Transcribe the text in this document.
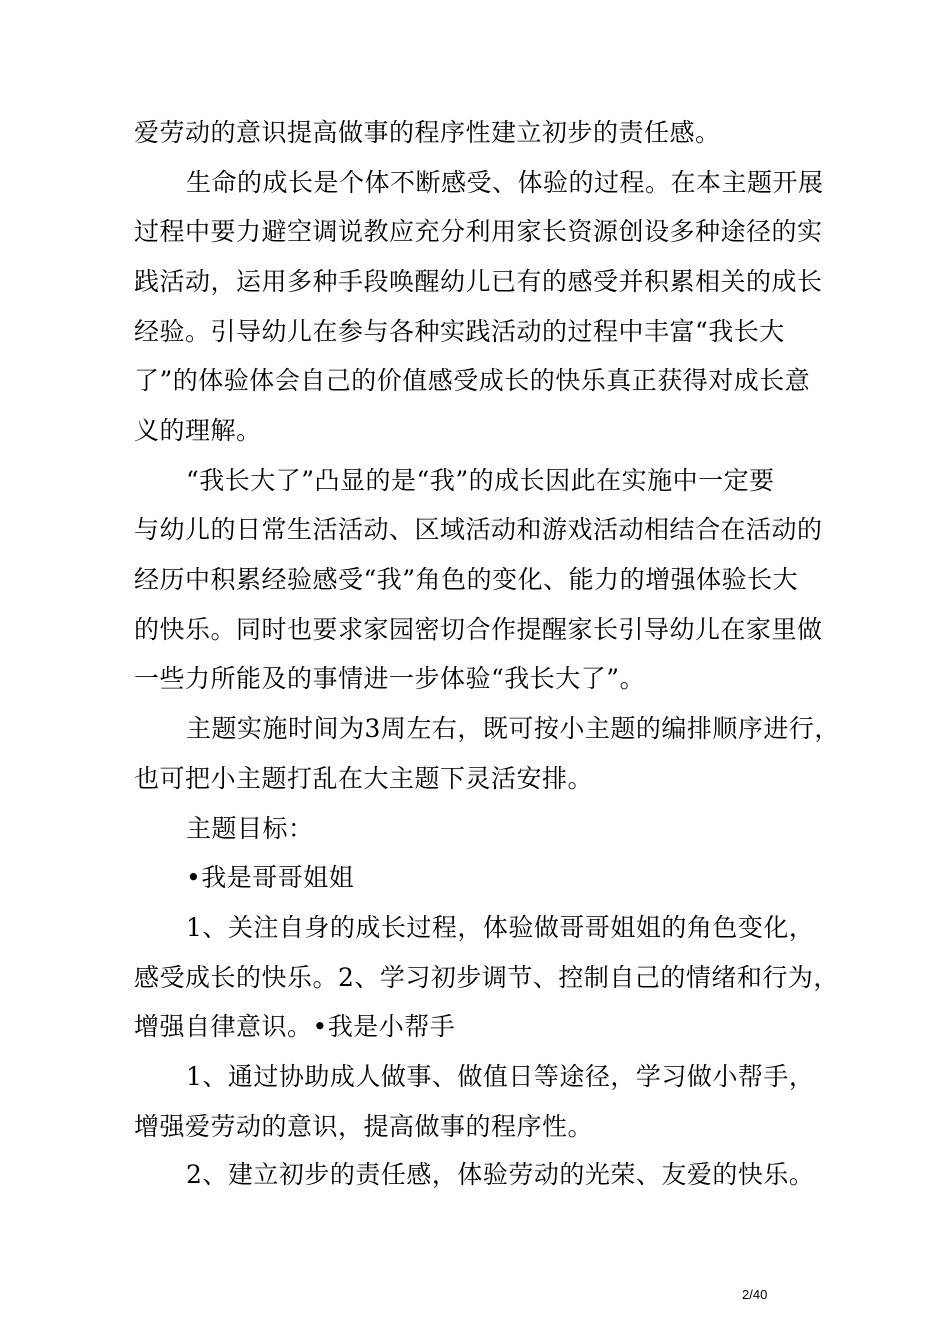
爱劳动的意识提高做事的程序性建立初步的责任感。
生命的成长是个体不断感受、体验的过程。在本主题开展
过程中要力避空调说教应充分利用家长资源创设多种途径的实
践活动，运用多种手段唤醒幼儿已有的感受并积累相关的成长
经验。引导幼儿在参与各种实践活动的过程中丰富“我长大
了”的体验体会自己的价值感受成长的快乐真正获得对成长意
义的理解。
“我长大了”凸显的是“我”的成长因此在实施中一定要
与幼儿的日常生活活动、区域活动和游戏活动相结合在活动的
经历中积累经验感受“我”角色的变化、能力的增强体验长大
的快乐。同时也要求家园密切合作提醒家长引导幼儿在家里做
一些力所能及的事情进一步体验“我长大了”。
主题实施时间为3周左右，既可按小主题的编排顺序进行，
也可把小主题打乱在大主题下灵活安排。
主题目标：
•我是哥哥姐姐
1、关注自身的成长过程，体验做哥哥姐姐的角色变化，
感受成长的快乐。2、学习初步调节、控制自己的情绪和行为，
增强自律意识。•我是小帮手
1、通过协助成人做事、做值日等途径，学习做小帮手，
增强爱劳动的意识，提高做事的程序性。
2、建立初步的责任感，体验劳动的光荣、友爱的快乐。
2/40
